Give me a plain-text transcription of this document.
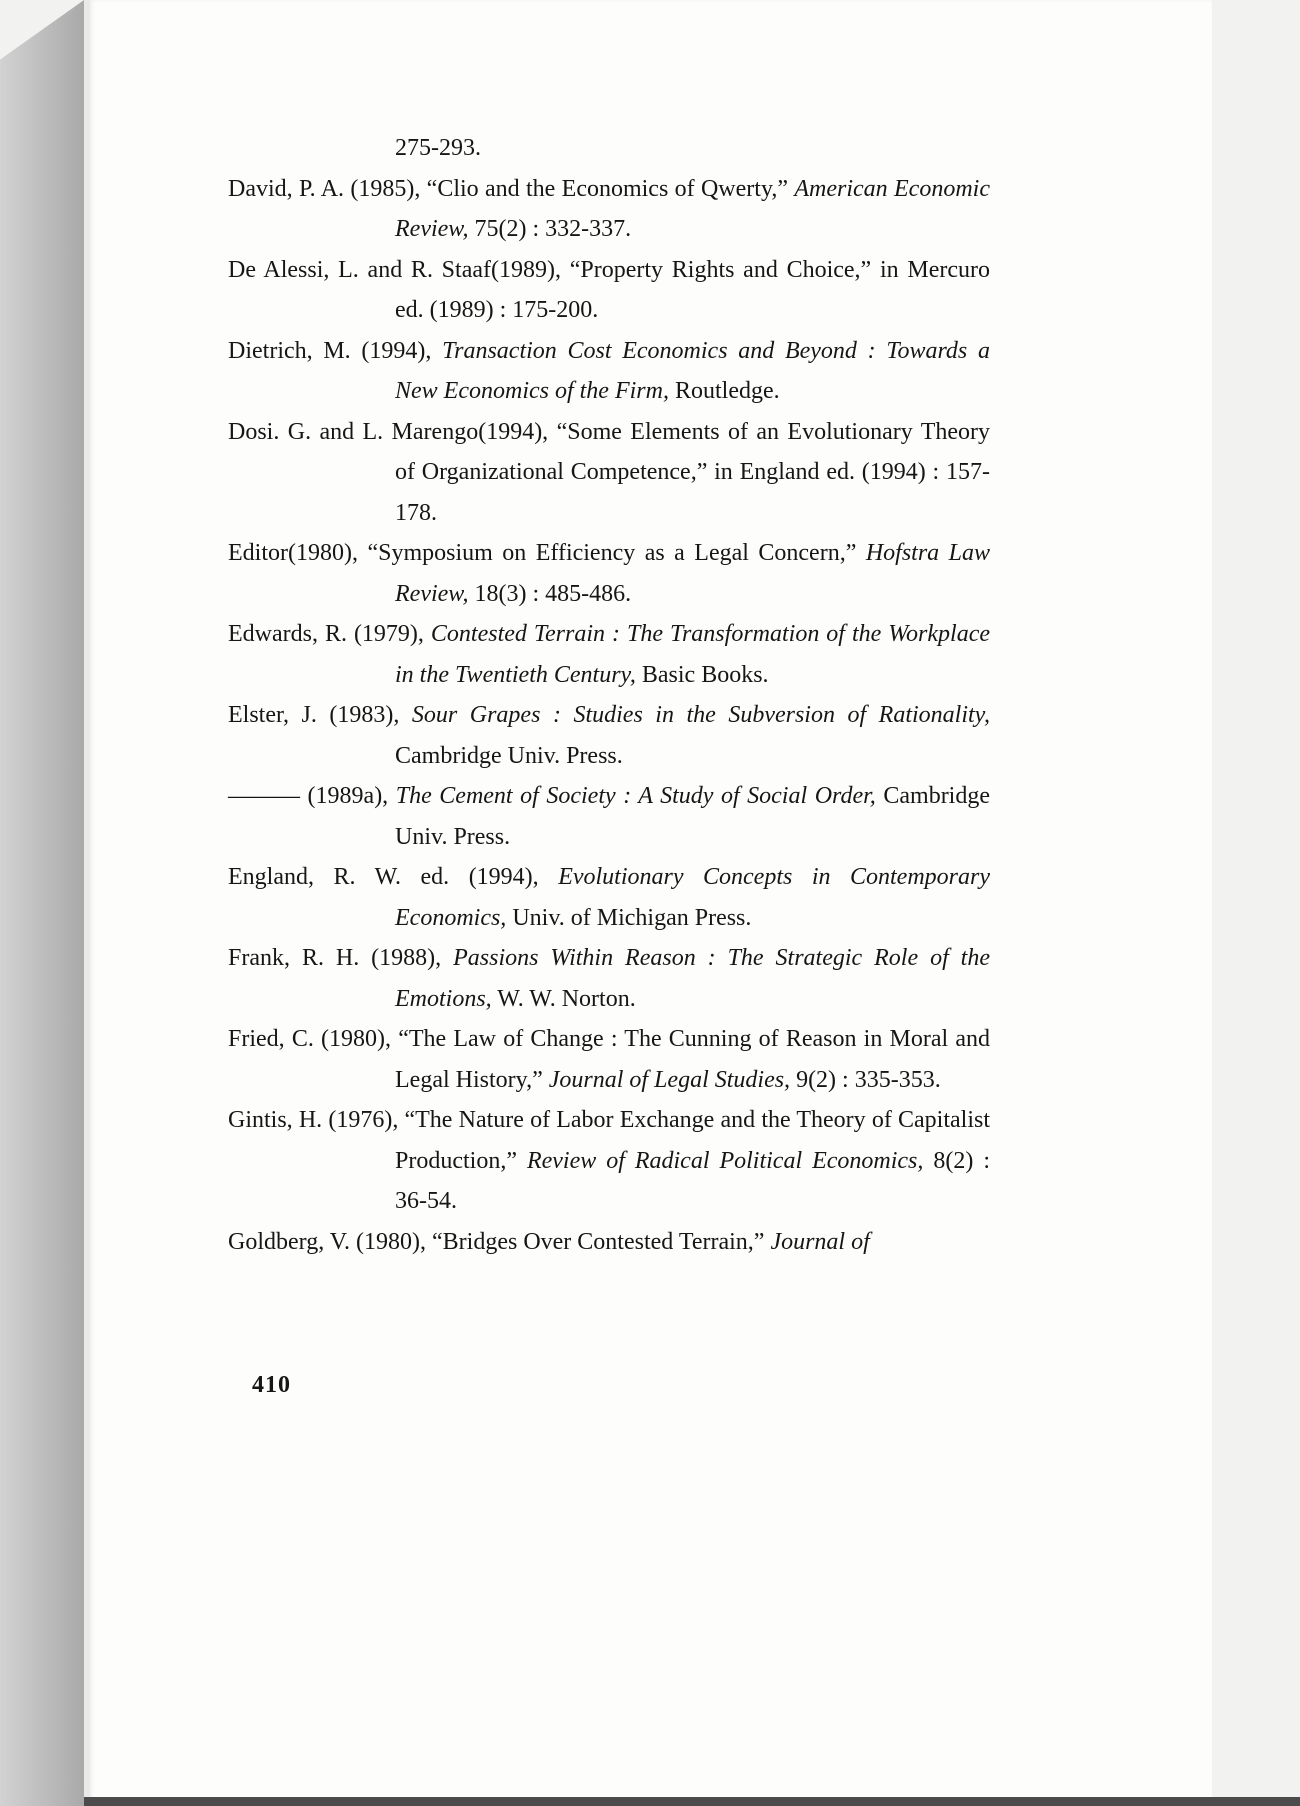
275-293.
David, P. A. (1985), “Clio and the Economics of Qwerty,” American Economic Review, 75(2) : 332-337.
De Alessi, L. and R. Staaf(1989), “Property Rights and Choice,” in Mercuro ed. (1989) : 175-200.
Dietrich, M. (1994), Transaction Cost Economics and Beyond : Towards a New Economics of the Firm, Routledge.
Dosi. G. and L. Marengo(1994), “Some Elements of an Evolutionary Theory of Organizational Competence,” in England ed. (1994) : 157-178.
Editor(1980), “Symposium on Efficiency as a Legal Concern,” Hofstra Law Review, 18(3) : 485-486.
Edwards, R. (1979), Contested Terrain : The Transformation of the Workplace in the Twentieth Century, Basic Books.
Elster, J. (1983), Sour Grapes : Studies in the Subversion of Rationality, Cambridge Univ. Press.
——— (1989a), The Cement of Society : A Study of Social Order, Cambridge Univ. Press.
England, R. W. ed. (1994), Evolutionary Concepts in Contemporary Economics, Univ. of Michigan Press.
Frank, R. H. (1988), Passions Within Reason : The Strategic Role of the Emotions, W. W. Norton.
Fried, C. (1980), “The Law of Change : The Cunning of Reason in Moral and Legal History,” Journal of Legal Studies, 9(2) : 335-353.
Gintis, H. (1976), “The Nature of Labor Exchange and the Theory of Capitalist Production,” Review of Radical Political Economics, 8(2) : 36-54.
Goldberg, V. (1980), “Bridges Over Contested Terrain,” Journal of
410
